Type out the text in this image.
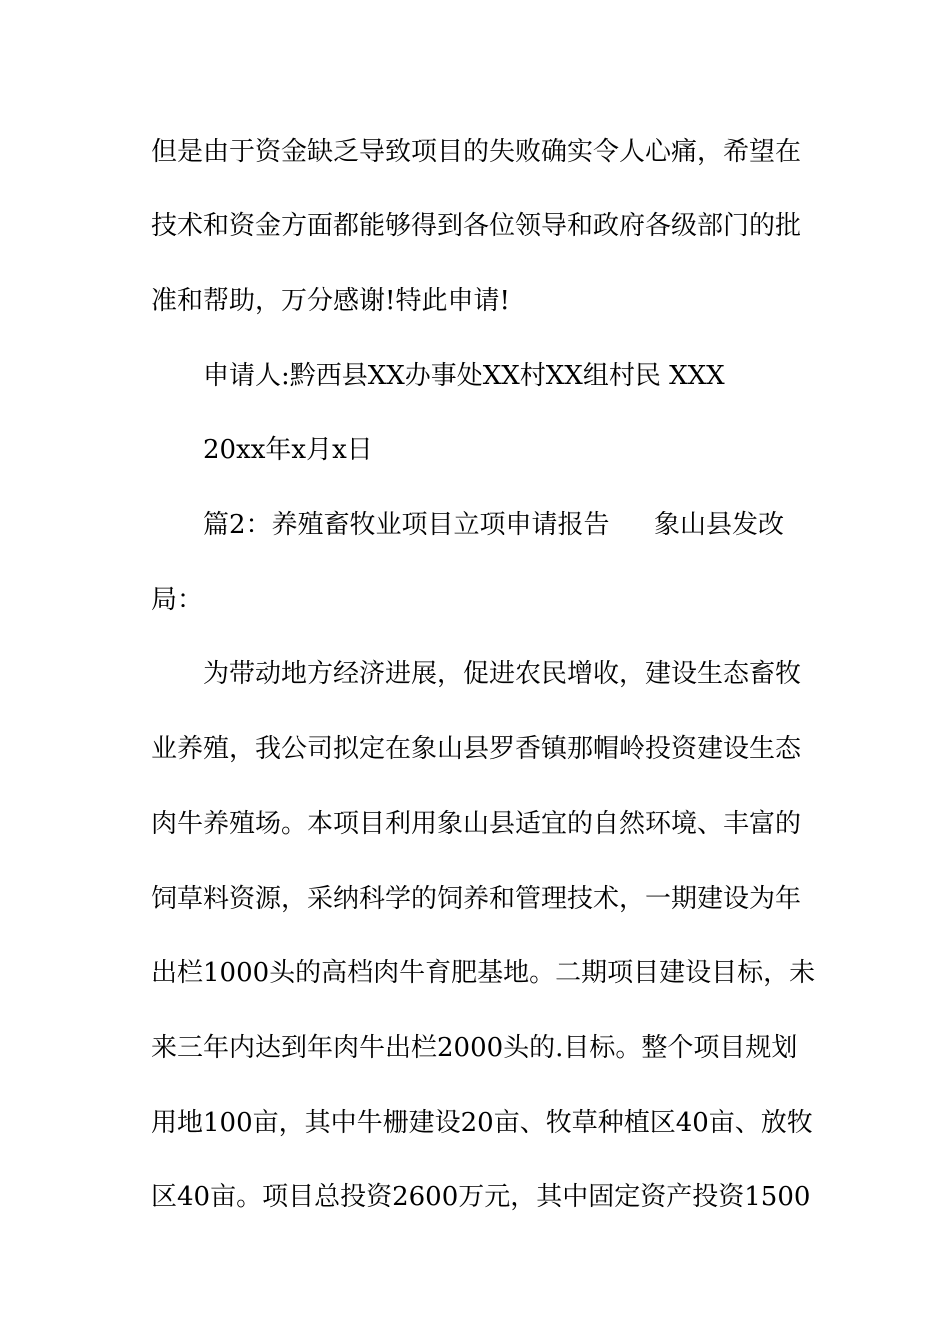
但是由于资金缺乏导致项目的失败确实令人心痛，希望在
技术和资金方面都能够得到各位领导和政府各级部门的批
准和帮助，万分感谢!特此申请!
申请人:黔西县XX办事处XX村XX组村民 XXX
20xx年x月x日
篇2：养殖畜牧业项目立项申请报告 象山县发改
局：
为带动地方经济进展，促进农民增收，建设生态畜牧
业养殖，我公司拟定在象山县罗香镇那帽岭投资建设生态
肉牛养殖场。本项目利用象山县适宜的自然环境、丰富的
饲草料资源，采纳科学的饲养和管理技术，一期建设为年
出栏1000头的高档肉牛育肥基地。二期项目建设目标，未
来三年内达到年肉牛出栏2000头的.目标。整个项目规划
用地100亩，其中牛栅建设20亩、牧草种植区40亩、放牧
区40亩。项目总投资2600万元，其中固定资产投资1500
